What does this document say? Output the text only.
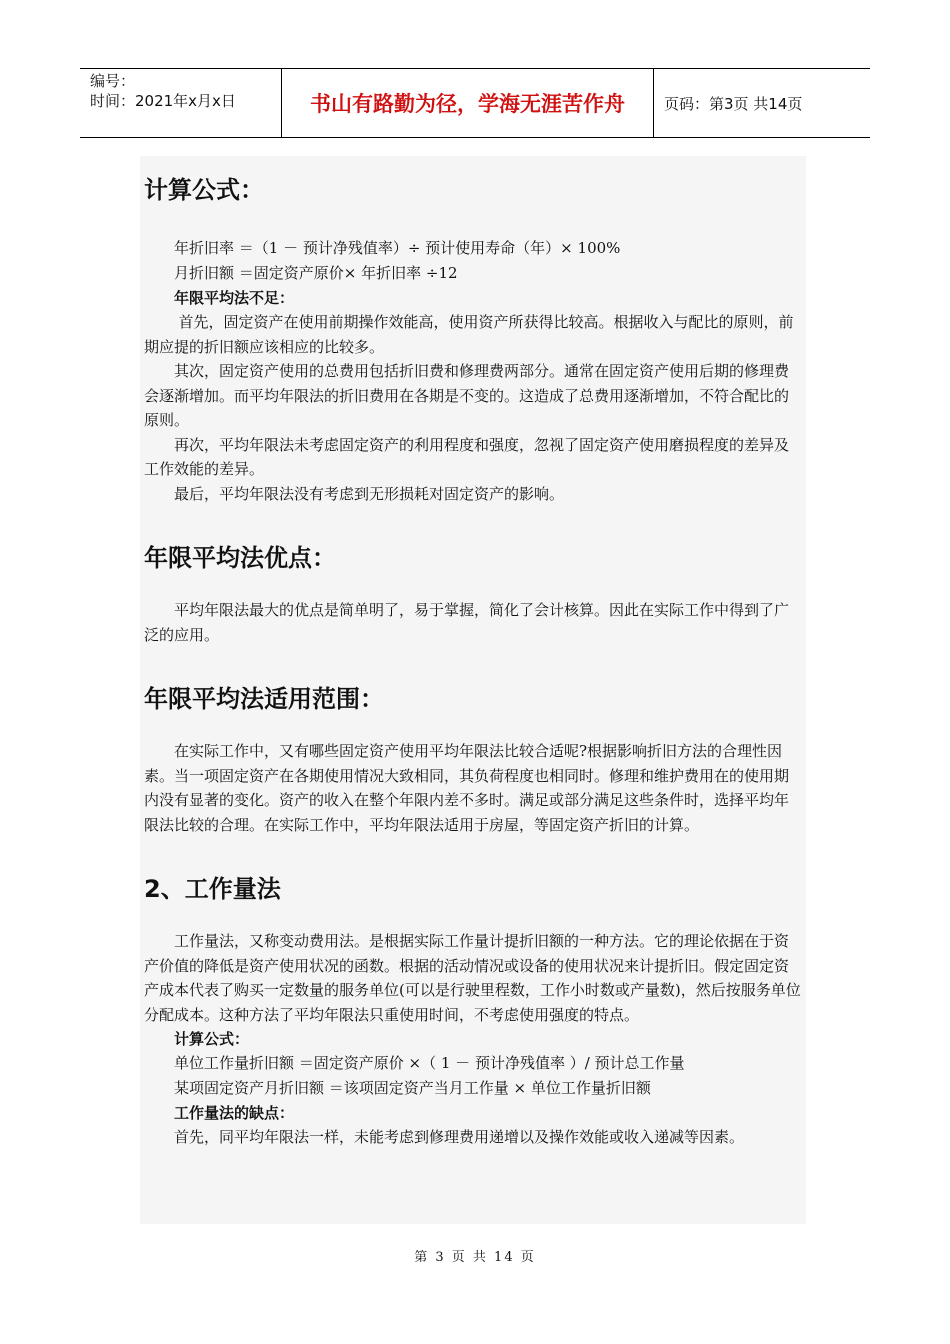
编号：
时间：2021年x月x日	书山有路勤为径，学海无涯苦作舟	页码：第3页 共14页
计算公式：

年折旧率 ＝（1 － 预计净残值率）÷ 预计使用寿命（年）× 100%

月折旧额 ＝固定资产原价× 年折旧率 ÷12

年限平均法不足：

首先，固定资产在使用前期操作效能高，使用资产所获得比较高。根据收入与配比的原则，前期应提的折旧额应该相应的比较多。

其次，固定资产使用的总费用包括折旧费和修理费两部分。通常在固定资产使用后期的修理费会逐渐增加。而平均年限法的折旧费用在各期是不变的。这造成了总费用逐渐增加，不符合配比的原则。

再次，平均年限法未考虑固定资产的利用程度和强度，忽视了固定资产使用磨损程度的差异及工作效能的差异。

最后，平均年限法没有考虑到无形损耗对固定资产的影响。

年限平均法优点：

平均年限法最大的优点是简单明了，易于掌握，简化了会计核算。因此在实际工作中得到了广泛的应用。

年限平均法适用范围：

在实际工作中，又有哪些固定资产使用平均年限法比较合适呢?根据影响折旧方法的合理性因素。当一项固定资产在各期使用情况大致相同，其负荷程度也相同时。修理和维护费用在的使用期内没有显著的变化。资产的收入在整个年限内差不多时。满足或部分满足这些条件时，选择平均年限法比较的合理。在实际工作中，平均年限法适用于房屋，等固定资产折旧的计算。

2、工作量法

工作量法，又称变动费用法。是根据实际工作量计提折旧额的一种方法。它的理论依据在于资产价值的降低是资产使用状况的函数。根据的活动情况或设备的使用状况来计提折旧。假定固定资产成本代表了购买一定数量的服务单位(可以是行驶里程数，工作小时数或产量数)，然后按服务单位分配成本。这种方法了平均年限法只重使用时间，不考虑使用强度的特点。

计算公式：

单位工作量折旧额 ＝固定资产原价 ×（ 1 － 预计净残值率 ）/ 预计总工作量

某项固定资产月折旧额 ＝该项固定资产当月工作量 × 单位工作量折旧额

工作量法的缺点：

首先，同平均年限法一样，未能考虑到修理费用递增以及操作效能或收入递减等因素。

第 3 页 共 14 页
